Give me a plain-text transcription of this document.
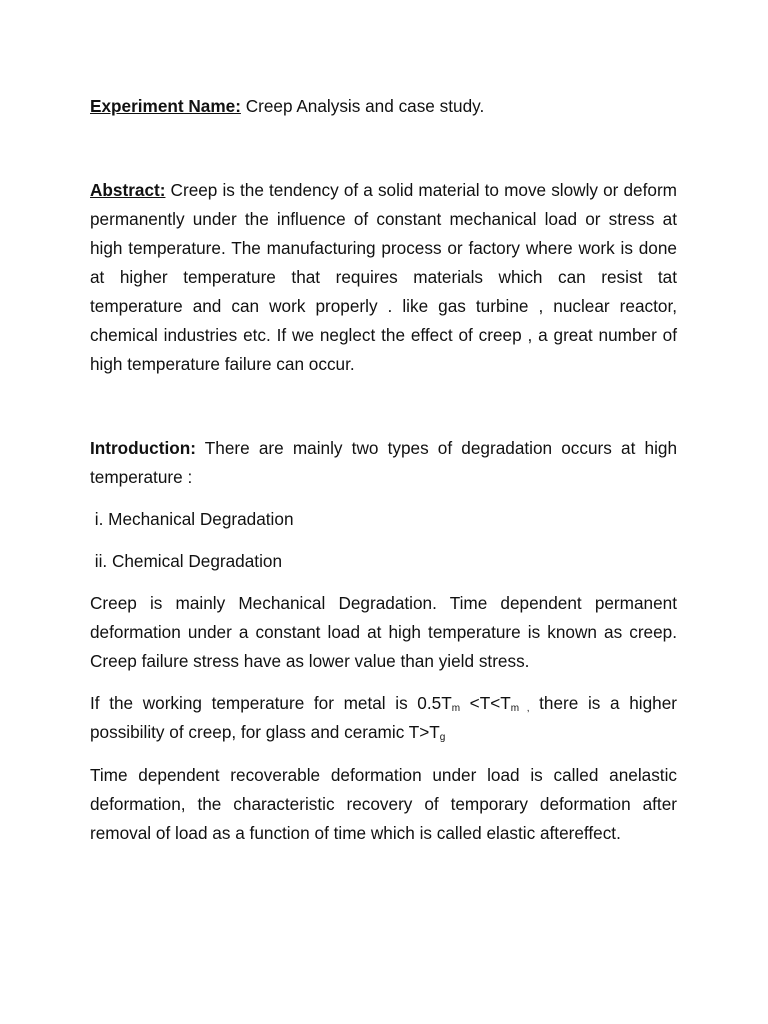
Experiment Name: Creep Analysis and case study.

Abstract: Creep is the tendency of a solid material to move slowly or deform permanently under the influence of constant mechanical load or stress at high temperature. The manufacturing process or factory where work is done at higher temperature that requires materials which can resist tat temperature and can work properly . like gas turbine , nuclear reactor, chemical industries etc. If we neglect the effect of creep , a great number of high temperature failure can occur.

Introduction: There are mainly two types of degradation occurs at high temperature :

i. Mechanical Degradation
ii. Chemical Degradation

Creep is mainly Mechanical Degradation. Time dependent permanent deformation under a constant load at high temperature is known as creep. Creep failure stress have as lower value than yield stress.

If the working temperature for metal is $0.5T_m <T<T_{m ,}$ there is a higher possibility of creep, for glass and ceramic $T>T_g$

Time dependent recoverable deformation under load is called anelastic deformation, the characteristic recovery of temporary deformation after removal of load as a function of time which is called elastic aftereffect.
